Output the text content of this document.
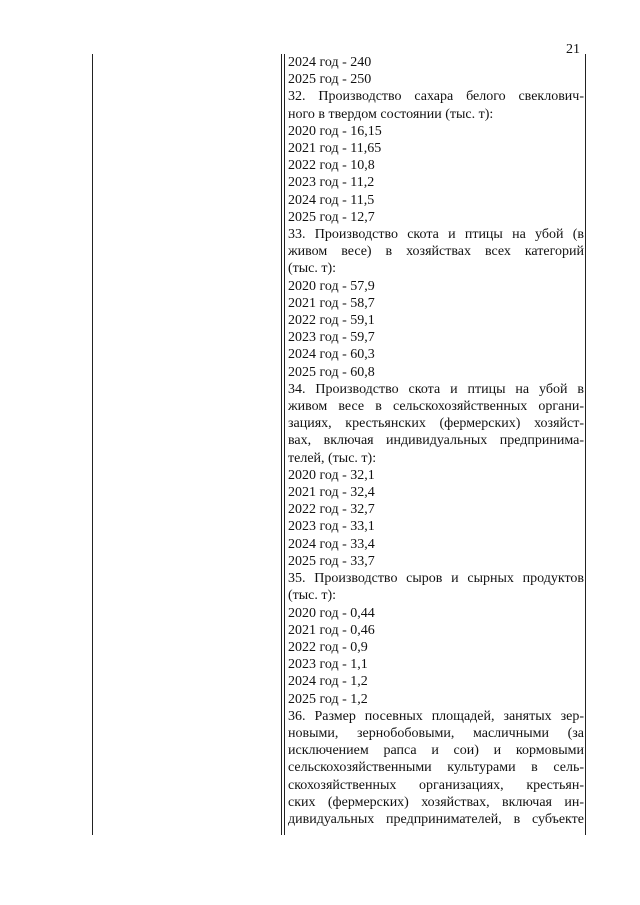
21
2024 год - 240
2025 год - 250
32. Производство сахара белого свеклович-
ного в твердом состоянии (тыс. т):
2020 год - 16,15
2021 год - 11,65
2022 год - 10,8
2023 год - 11,2
2024 год - 11,5
2025 год - 12,7
33. Производство скота и птицы на убой (в
живом весе) в хозяйствах всех категорий
(тыс. т):
2020 год - 57,9
2021 год - 58,7
2022 год - 59,1
2023 год - 59,7
2024 год - 60,3
2025 год - 60,8
34. Производство скота и птицы на убой в
живом весе в сельскохозяйственных органи-
зациях, крестьянских (фермерских) хозяйст-
вах, включая индивидуальных предпринима-
телей, (тыс. т):
2020 год - 32,1
2021 год - 32,4
2022 год - 32,7
2023 год - 33,1
2024 год - 33,4
2025 год - 33,7
35. Производство сыров и сырных продуктов
(тыс. т):
2020 год - 0,44
2021 год - 0,46
2022 год - 0,9
2023 год - 1,1
2024 год - 1,2
2025 год - 1,2
36. Размер посевных площадей, занятых зер-
новыми, зернобобовыми, масличными (за
исключением рапса и сои) и кормовыми
сельскохозяйственными культурами в сель-
скохозяйственных организациях, крестьян-
ских (фермерских) хозяйствах, включая ин-
дивидуальных предпринимателей, в субъекте
